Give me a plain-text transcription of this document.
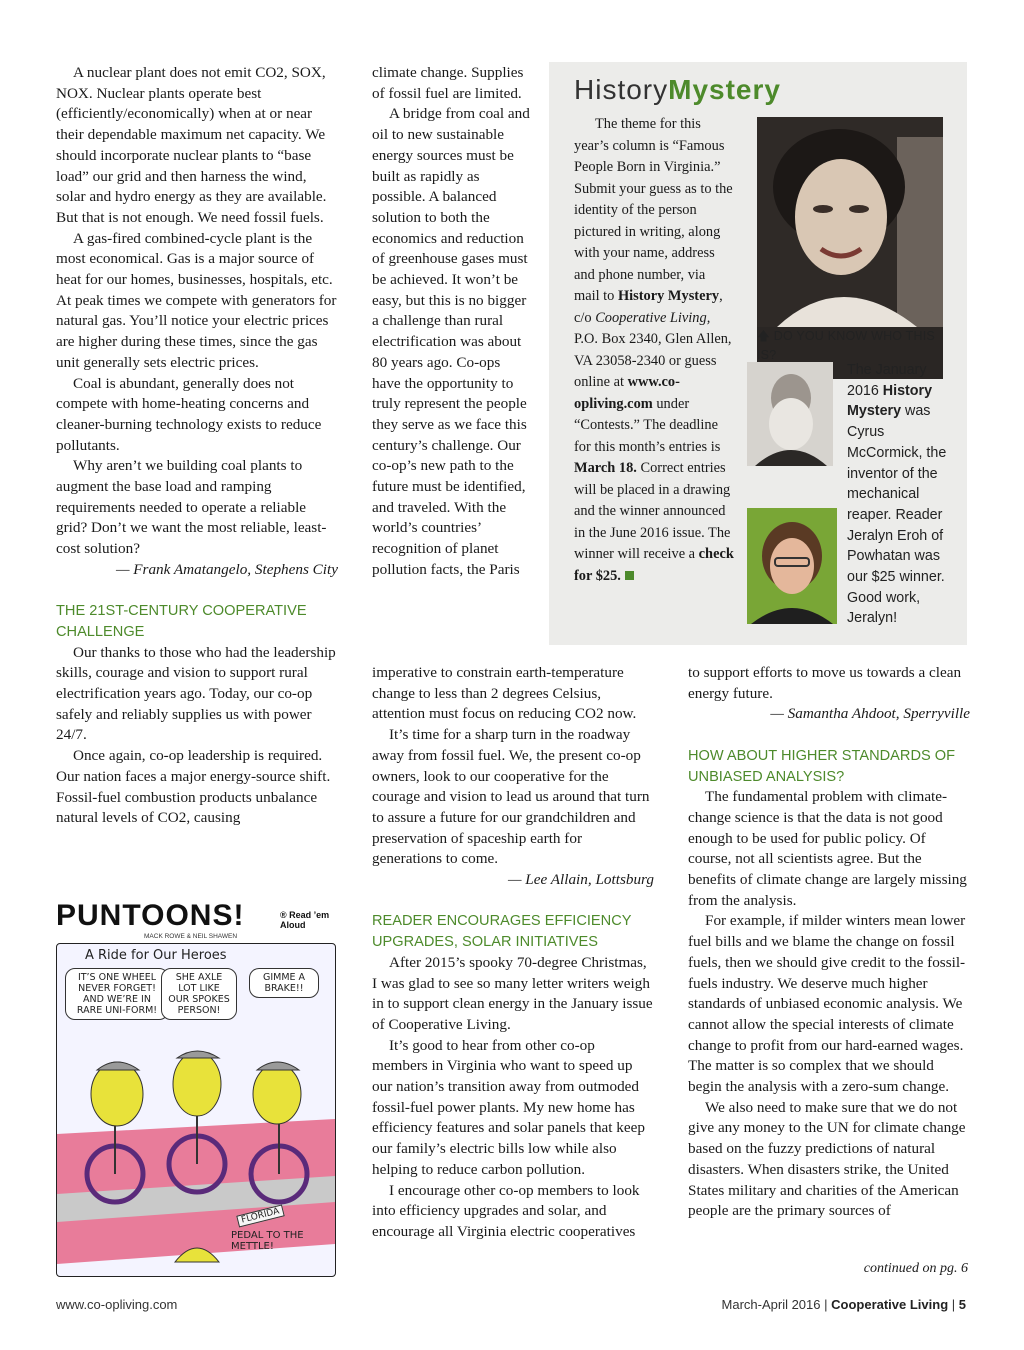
A nuclear plant does not emit CO2, SOX, NOX. Nuclear plants operate best (efficiently/economically) when at or near their dependable maximum net capacity. We should incorporate nuclear plants to “base load” our grid and then harness the wind, solar and hydro energy as they are available. But that is not enough. We need fossil fuels.

A gas-fired combined-cycle plant is the most economical. Gas is a major source of heat for our homes, businesses, hospitals, etc. At peak times we compete with generators for natural gas. You’ll notice your electric prices are higher during these times, since the gas unit generally sets electric prices.

Coal is abundant, generally does not compete with home-heating concerns and cleaner-burning technology exists to reduce pollutants.

Why aren’t we building coal plants to augment the base load and ramping requirements needed to operate a reliable grid? Don’t we want the most reliable, least-cost solution?

— Frank Amatangelo, Stephens City

THE 21ST-CENTURY COOPERATIVE CHALLENGE

Our thanks to those who had the leadership skills, courage and vision to support rural electrification years ago. Today, our co-op safely and reliably supplies us with power 24/7.

Once again, co-op leadership is required. Our nation faces a major energy-source shift. Fossil-fuel combustion products unbalance natural levels of CO2, causing

climate change. Supplies of fossil fuel are limited.

A bridge from coal and oil to new sustainable energy sources must be built as rapidly as possible. A balanced solution to both the economics and reduction of greenhouse gases must be achieved. It won’t be easy, but this is no bigger a challenge than rural electrification was about 80 years ago. Co-ops have the opportunity to truly represent the people they serve as we face this century’s challenge. Our co-op’s new path to the future must be identified, and traveled. With the world’s countries’ recognition of planet pollution facts, the Paris

imperative to constrain earth-temperature change to less than 2 degrees Celsius, attention must focus on reducing CO2 now.

It’s time for a sharp turn in the roadway away from fossil fuel. We, the present co-op owners, look to our cooperative for the courage and vision to lead us around that turn to assure a future for our grandchildren and preservation of spaceship earth for generations to come.

— Lee Allain, Lottsburg

READER ENCOURAGES EFFICIENCY UPGRADES, SOLAR INITIATIVES

After 2015’s spooky 70-degree Christmas, I was glad to see so many letter writers weigh in to support clean energy in the January issue of Cooperative Living.

It’s good to hear from other co-op members in Virginia who want to speed up our nation’s transition away from outmoded fossil-fuel power plants. My new home has efficiency features and solar panels that keep our family’s electric bills low while also helping to reduce carbon pollution.

I encourage other co-op members to look into efficiency upgrades and solar, and encourage all Virginia electric cooperatives

to support efforts to move us towards a clean energy future.

— Samantha Ahdoot, Sperryville

HOW ABOUT HIGHER STANDARDS OF UNBIASED ANALYSIS?

The fundamental problem with climate-change science is that the data is not good enough to be used for public policy. Of course, not all scientists agree. But the benefits of climate change are largely missing from the analysis.

For example, if milder winters mean lower fuel bills and we blame the change on fossil fuels, then we should give credit to the fossil-fuels industry. We deserve much higher standards of unbiased economic analysis. We cannot allow the special interests of climate change to profit from our hard-earned wages. The matter is so complex that we should begin the analysis with a zero-sum change.

We also need to make sure that we do not give any money to the UN for climate change based on the fuzzy predictions of natural disasters. When disasters strike, the United States military and charities of the American people are the primary sources of

continued on pg. 6
HistoryMystery

The theme for this year’s column is “Famous People Born in Virginia.” Submit your guess as to the identity of the person pictured in writing, along with your name, address and phone number, via mail to History Mystery, c/o Cooperative Living, P.O. Box 2340, Glen Allen, VA 23058-2340 or guess online at www.co-opliving.com under “Contests.” The deadline for this month’s entries is March 18. Correct entries will be placed in a drawing and the winner announced in the June 2016 issue. The winner will receive a check for $25.

🡅 DO YOU KNOW WHO THIS IS?
The January 2016 History Mystery was Cyrus McCormick, the inventor of the mechanical reaper. Reader Jeralyn Eroh of Powhatan was our $25 winner. Good work, Jeralyn!
PUNTOONS!	® Read ’em Aloud
MACK ROWE & NEIL SHAWEN
A Ride for Our Heroes
IT’S ONE WHEEL NEVER FORGET! AND WE’RE IN RARE UNI-FORM!
SHE AXLE LOT LIKE OUR SPOKES PERSON!
GIMME A BRAKE!!
FLORIDA
PEDAL TO THE METTLE!
www.co-opliving.com	March-April 2016 | Cooperative Living | 5
